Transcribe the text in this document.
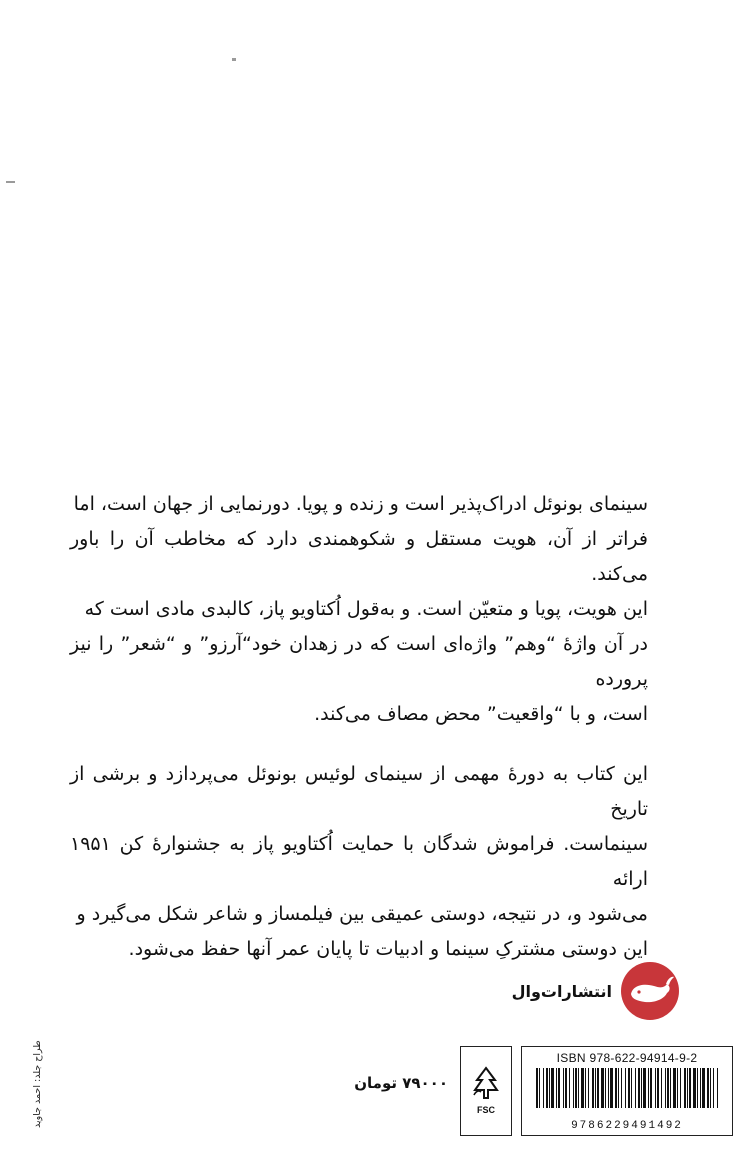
سینمای بونوئل ادراک‌پذیر است و زنده و پویا. دورنمایی از جهان است، اما

فراتر از آن، هویت مستقل و شکوهمندی دارد که مخاطب آن را باور می‌کند.

این هویت، پویا و متعیّن است. و به‌قول اُکتاویو پاز، کالبدی مادی است که

در آن واژهٔ “وهم” واژه‌ای است که در زهدان خود“آرزو” و “شعر” را نیز پرورده

است، و با “واقعیت” محض مصاف می‌کند.

این کتاب به دورهٔ مهمی از سینمای لوئیس بونوئل می‌پردازد و برشی از تاریخ

سینماست. فراموش شدگان با حمایت اُکتاویو پاز به جشنوارهٔ کن ۱۹۵۱ ارائه

می‌شود و، در نتیجه، دوستی عمیقی بین فیلمساز و شاعر شکل می‌گیرد و

این دوستی مشترکِ سینما و ادبیات تا پایان عمر آنها حفظ می‌شود.

انتشارات‌وال
ISBN 978-622-94914-9-2
9786229491492
FSC
۷۹۰۰۰ تومان
طراح جلد: احمد جاوید
